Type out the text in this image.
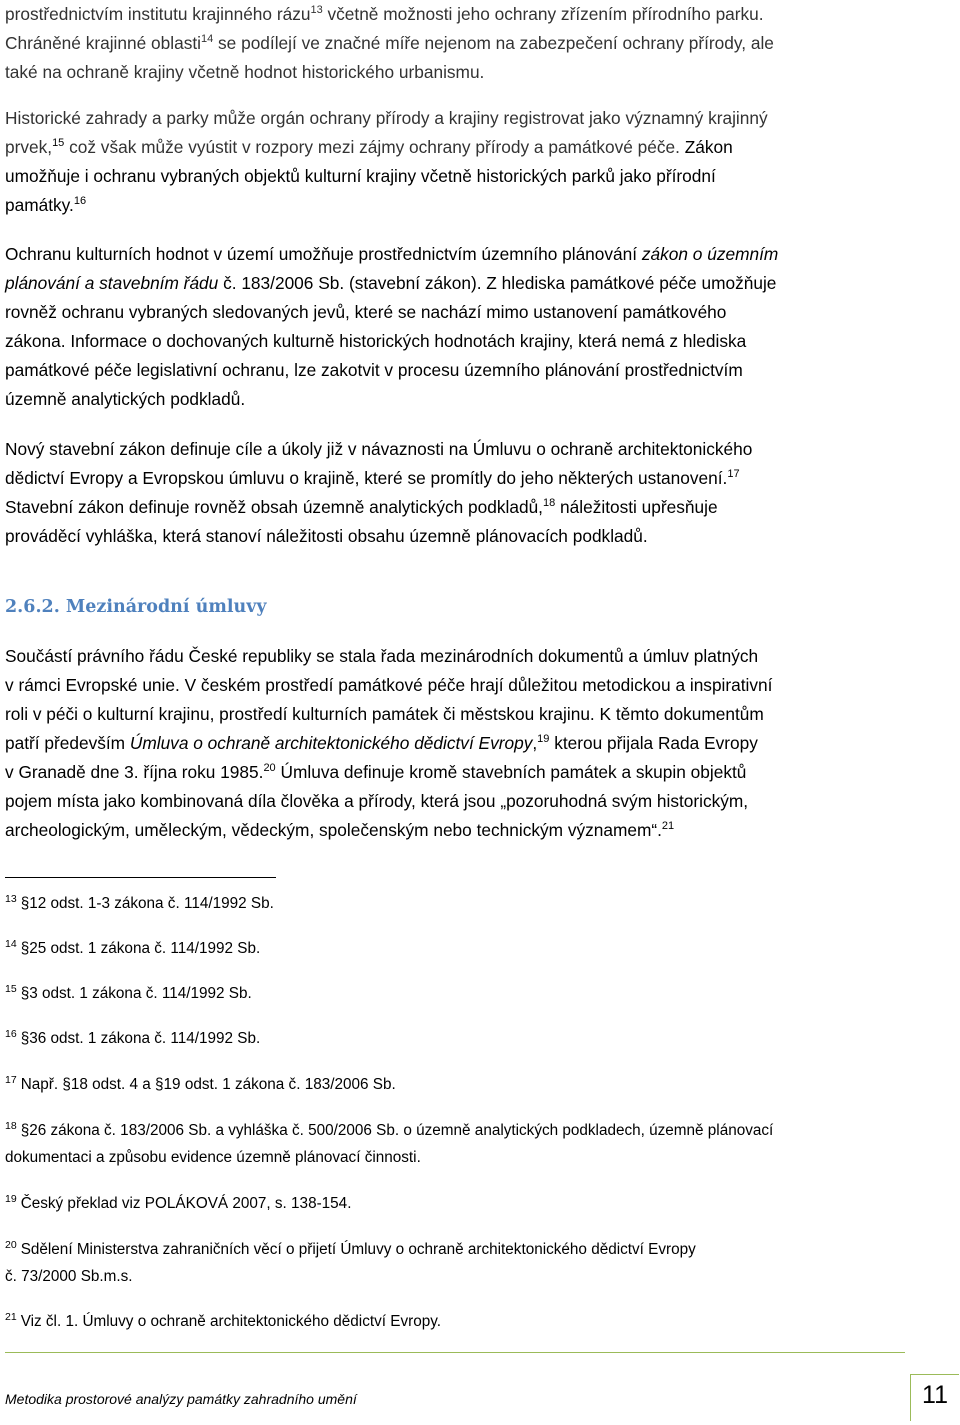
prostřednictvím institutu krajinného rázu$^{13}$ včetně možnosti jeho ochrany zřízením přírodního parku.
Chráněné krajinné oblasti$^{14}$ se podílejí ve značné míře nejenom na zabezpečení ochrany přírody, ale
také na ochraně krajiny včetně hodnot historického urbanismu.
Historické zahrady a parky může orgán ochrany přírody a krajiny registrovat jako významný krajinný
prvek,$^{15}$ což však může vyústit v rozpory mezi zájmy ochrany přírody a památkové péče. Zákon
umožňuje i ochranu vybraných objektů kulturní krajiny včetně historických parků jako přírodní
památky.$^{16}$
Ochranu kulturních hodnot v území umožňuje prostřednictvím územního plánování zákon o územním
plánování a stavebním řádu č. 183/2006 Sb. (stavební zákon). Z hlediska památkové péče umožňuje
rovněž ochranu vybraných sledovaných jevů, které se nachází mimo ustanovení památkového
zákona. Informace o dochovaných kulturně historických hodnotách krajiny, která nemá z hlediska
památkové péče legislativní ochranu, lze zakotvit v procesu územního plánování prostřednictvím
územně analytických podkladů.
Nový stavební zákon definuje cíle a úkoly již v návaznosti na Úmluvu o ochraně architektonického
dědictví Evropy a Evropskou úmluvu o krajině, které se promítly do jeho některých ustanovení.$^{17}$
Stavební zákon definuje rovněž obsah územně analytických podkladů,$^{18}$ náležitosti upřesňuje
prováděcí vyhláška, která stanoví náležitosti obsahu územně plánovacích podkladů.

2.6.2. Mezinárodní úmluvy

Součástí právního řádu České republiky se stala řada mezinárodních dokumentů a úmluv platných
v rámci Evropské unie. V českém prostředí památkové péče hrají důležitou metodickou a inspirativní
roli v péči o kulturní krajinu, prostředí kulturních památek či městskou krajinu. K těmto dokumentům
patří především Úmluva o ochraně architektonického dědictví Evropy,$^{19}$ kterou přijala Rada Evropy
v Granadě dne 3. října roku 1985.20 Úmluva definuje kromě stavebních památek a skupin objektů
pojem místa jako kombinovaná díla člověka a přírody, která jsou „pozoruhodná svým historickým,
archeologickým, uměleckým, vědeckým, společenským nebo technickým významem“.$^{21}$

$^{13}$ §12 odst. 1-3 zákona č. 114/1992 Sb.

$^{14}$ §25 odst. 1 zákona č. 114/1992 Sb.

$^{15}$ §3 odst. 1 zákona č. 114/1992 Sb.

$^{16}$ §36 odst. 1 zákona č. 114/1992 Sb.

$^{17}$ Např. §18 odst. 4 a §19 odst. 1 zákona č. 183/2006 Sb.

$^{18}$ §26 zákona č. 183/2006 Sb. a vyhláška č. 500/2006 Sb. o územně analytických podkladech, územně plánovací
dokumentaci a způsobu evidence územně plánovací činnosti.

$^{19}$ Český překlad viz POLÁKOVÁ 2007, s. 138-154.

$^{20}$ Sdělení Ministerstva zahraničních věcí o přijetí Úmluvy o ochraně architektonického dědictví Evropy
č. 73/2000 Sb.m.s.

$^{21}$ Viz čl. 1. Úmluvy o ochraně architektonického dědictví Evropy.

Metodika prostorové analýzy památky zahradního umění	11
